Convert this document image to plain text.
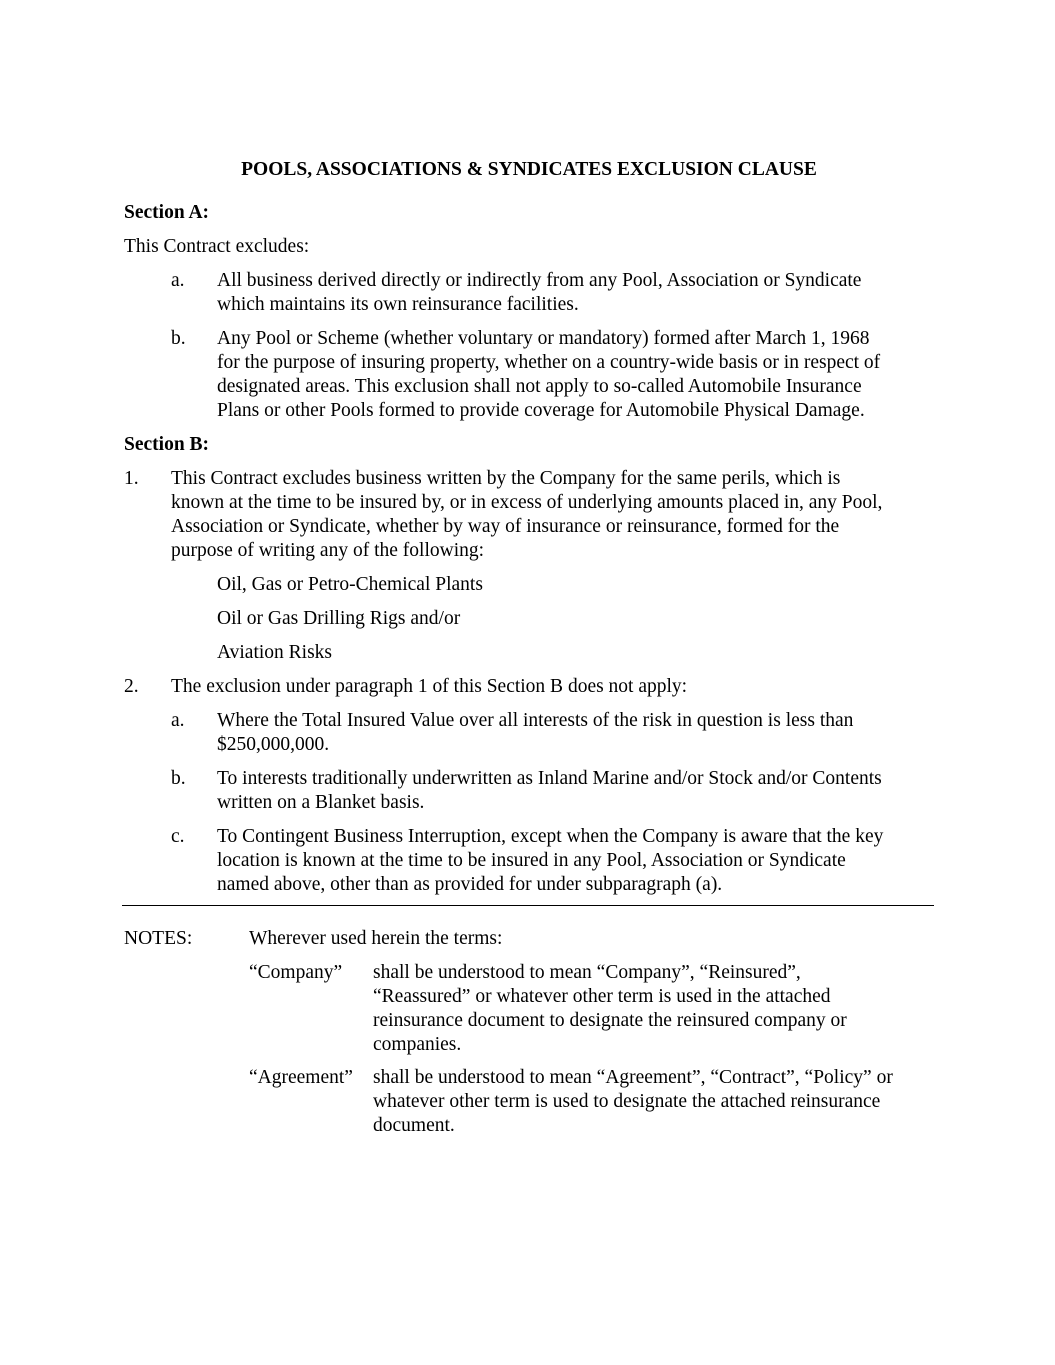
POOLS, ASSOCIATIONS & SYNDICATES EXCLUSION CLAUSE
Section A:
This Contract excludes:
a. All business derived directly or indirectly from any Pool, Association or Syndicate
which maintains its own reinsurance facilities.
b. Any Pool or Scheme (whether voluntary or mandatory) formed after March 1, 1968
for the purpose of insuring property, whether on a country-wide basis or in respect of
designated areas. This exclusion shall not apply to so-called Automobile Insurance
Plans or other Pools formed to provide coverage for Automobile Physical Damage.
Section B:
1. This Contract excludes business written by the Company for the same perils, which is
known at the time to be insured by, or in excess of underlying amounts placed in, any Pool,
Association or Syndicate, whether by way of insurance or reinsurance, formed for the
purpose of writing any of the following:
Oil, Gas or Petro-Chemical Plants
Oil or Gas Drilling Rigs and/or
Aviation Risks
2. The exclusion under paragraph 1 of this Section B does not apply:
a. Where the Total Insured Value over all interests of the risk in question is less than
$250,000,000.
b. To interests traditionally underwritten as Inland Marine and/or Stock and/or Contents
written on a Blanket basis.
c. To Contingent Business Interruption, except when the Company is aware that the key
location is known at the time to be insured in any Pool, Association or Syndicate
named above, other than as provided for under subparagraph (a).
NOTES:	Wherever used herein the terms:
“Company” shall be understood to mean “Company”, “Reinsured”,
“Reassured” or whatever other term is used in the attached
reinsurance document to designate the reinsured company or
companies.
“Agreement” shall be understood to mean “Agreement”, “Contract”, “Policy” or
whatever other term is used to designate the attached reinsurance
document.
